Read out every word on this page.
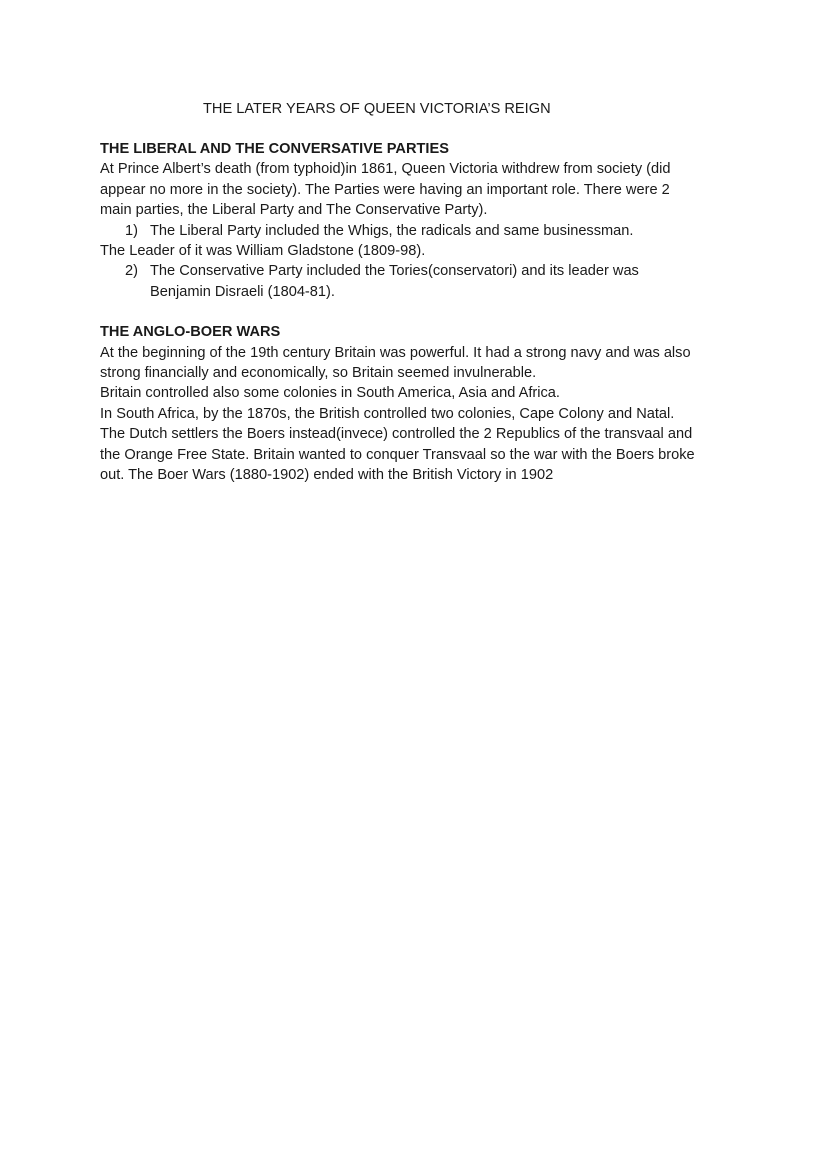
THE LATER YEARS OF QUEEN VICTORIA’S REIGN
THE LIBERAL AND THE CONVERSATIVE PARTIES

At Prince Albert’s death (from typhoid)in 1861, Queen Victoria withdrew from society (did
appear no more in the society). The Parties were having an important role. There were 2
main parties, the Liberal Party and The Conservative Party).

1) The Liberal Party included the Whigs, the radicals and same businessman.

The Leader of it was William Gladstone (1809-98).

2) The Conservative Party included the Tories(conservatori) and its leader was
Benjamin Disraeli (1804-81).
THE ANGLO-BOER WARS

At the beginning of the 19th century Britain was powerful. It had a strong navy and was also
strong financially and economically, so Britain seemed invulnerable.

Britain controlled also some colonies in South America, Asia and Africa.

In South Africa, by the 1870s, the British controlled two colonies, Cape Colony and Natal.
The Dutch settlers the Boers instead(invece) controlled the 2 Republics of the transvaal and
the Orange Free State. Britain wanted to conquer Transvaal so the war with the Boers broke
out. The Boer Wars (1880-1902) ended with the British Victory in 1902
